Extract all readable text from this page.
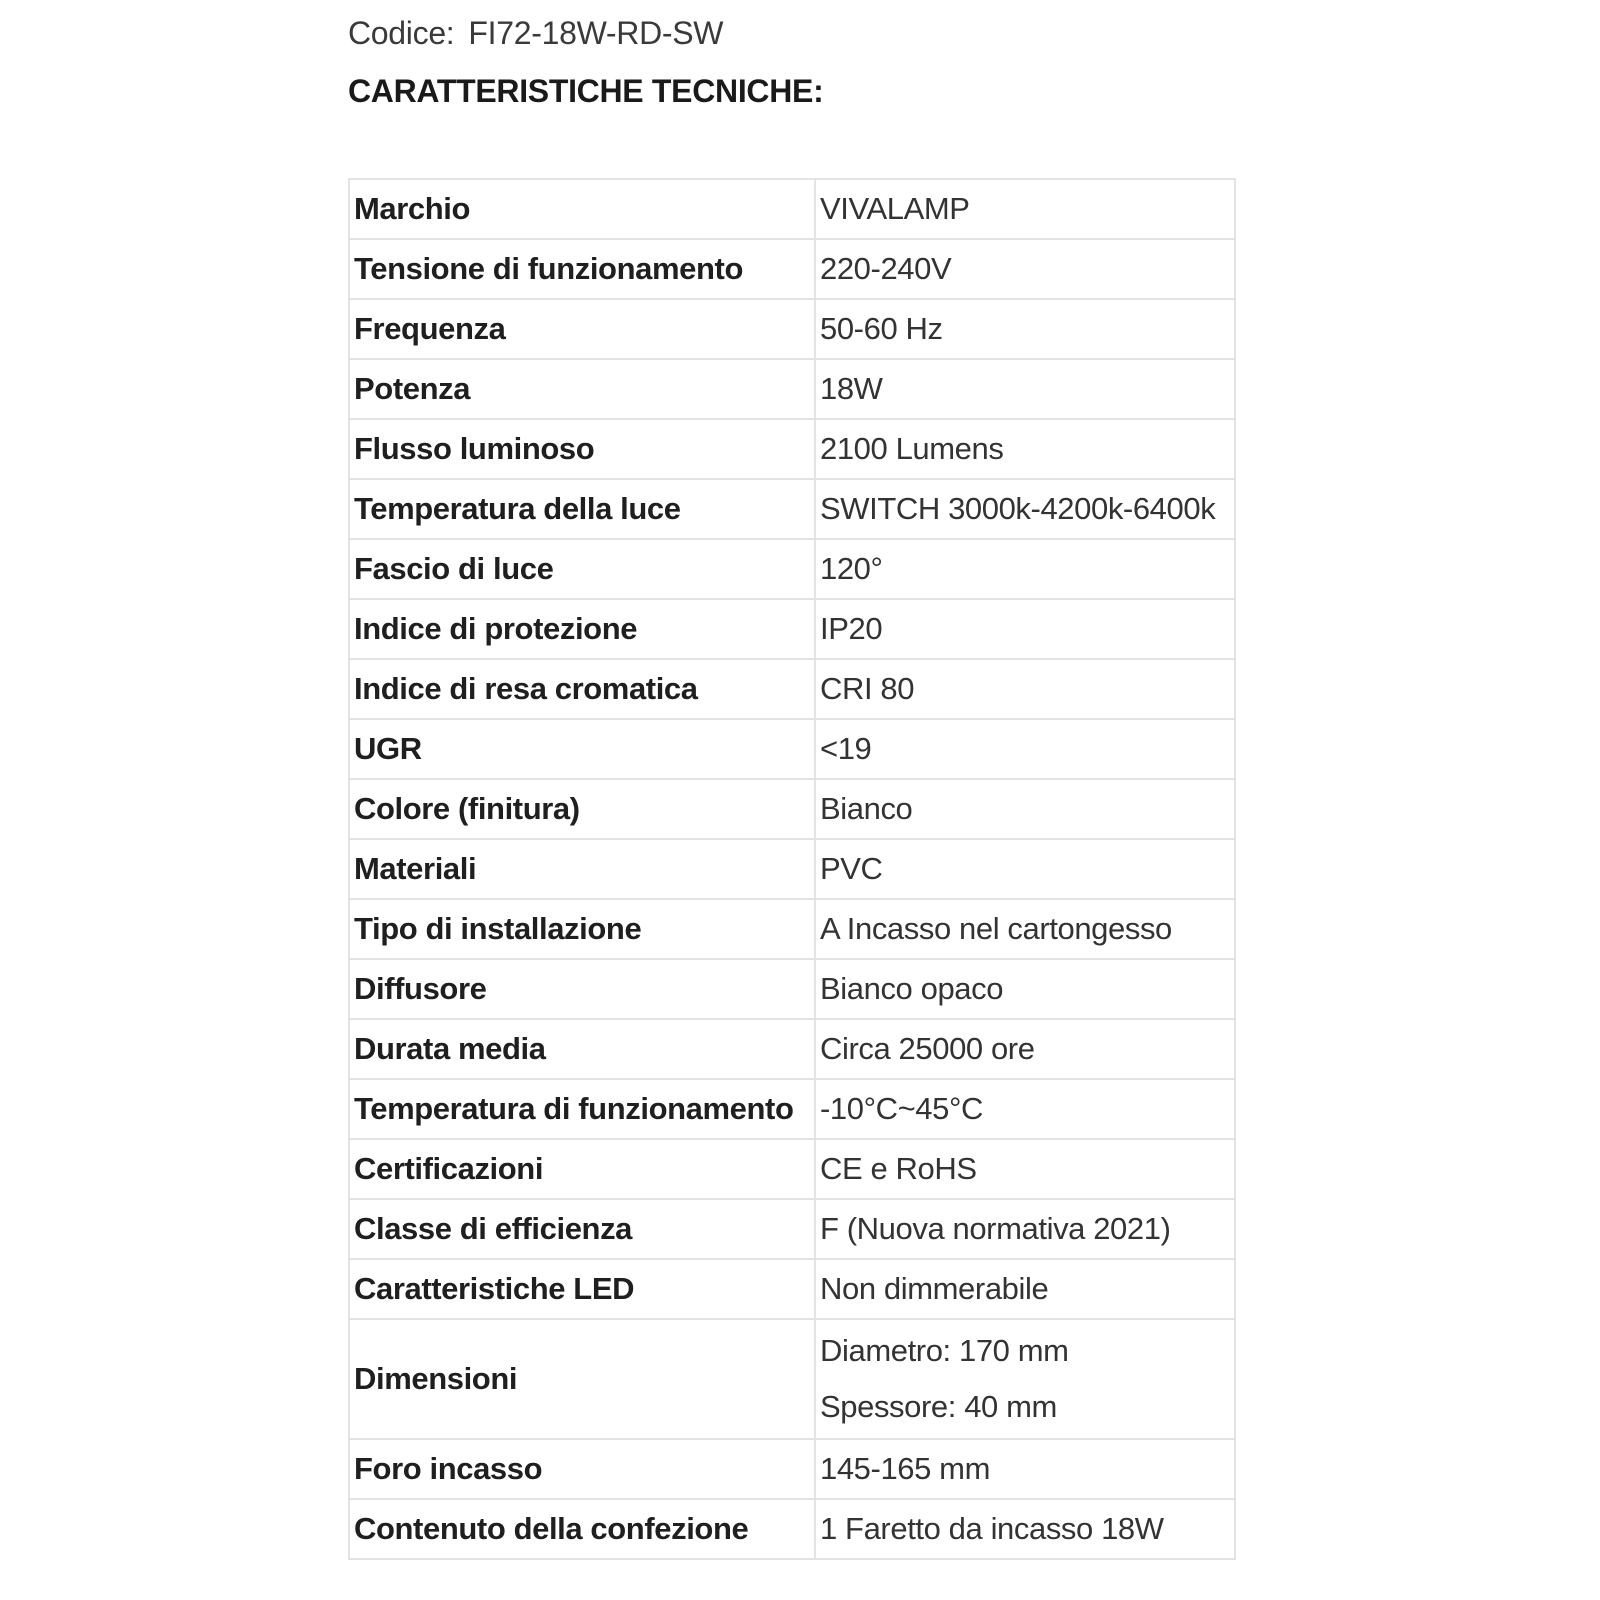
Codice: FI72-18W-RD-SW
CARATTERISTICHE TECNICHE:
Marchio	VIVALAMP
Tensione di funzionamento	220-240V
Frequenza	50-60 Hz
Potenza	18W
Flusso luminoso	2100 Lumens
Temperatura della luce	SWITCH 3000k-4200k-6400k
Fascio di luce	120°
Indice di protezione	IP20
Indice di resa cromatica	CRI 80
UGR	<19
Colore (finitura)	Bianco
Materiali	PVC
Tipo di installazione	A Incasso nel cartongesso
Diffusore	Bianco opaco
Durata media	Circa 25000 ore
Temperatura di funzionamento	-10°C~45°C
Certificazioni	CE e RoHS
Classe di efficienza	F (Nuova normativa 2021)
Caratteristiche LED	Non dimmerabile
Dimensioni	Diametro: 170 mm
Spessore: 40 mm

Foro incasso	145-165 mm
Contenuto della confezione	1 Faretto da incasso 18W
